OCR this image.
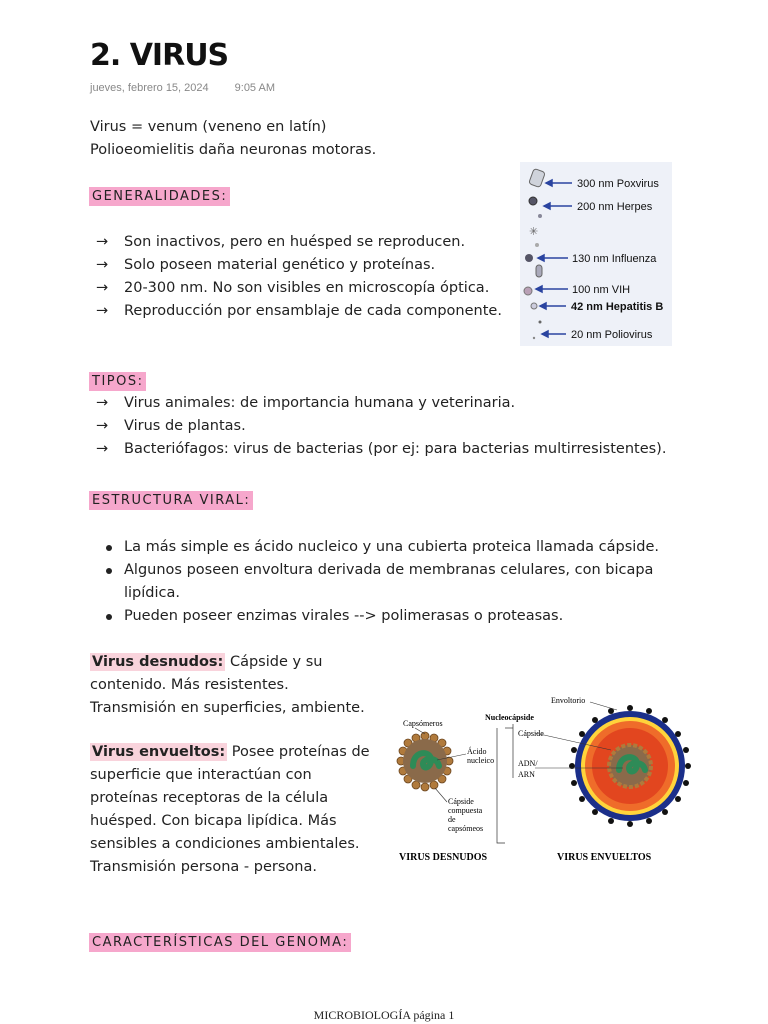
2. VIRUS
jueves, febrero 15, 2024 9:05 AM
Virus = venum (veneno en latín)
Polioeomielitis daña neuronas motoras.
GENERALIDADES:
→ Son inactivos, pero en huésped se reproducen.
→ Solo poseen material genético y proteínas.
→ 20-300 nm. No son visibles en microscopía óptica.
→ Reproducción por ensamblaje de cada componente.
✳
300 nm Poxvirus
200 nm Herpes
130 nm Influenza
100 nm VIH
42 nm Hepatitis B
20 nm Poliovirus
TIPOS:
→ Virus animales: de importancia humana y veterinaria.
→ Virus de plantas.
→ Bacteriófagos: virus de bacterias (por ej: para bacterias multirresistentes).
ESTRUCTURA VIRAL:
La más simple es ácido nucleico y una cubierta proteica llamada cápside.
Algunos poseen envoltura derivada de membranas celulares, con bicapa lipídica.
Pueden poseer enzimas virales --> polimerasas o proteasas.
Virus desnudos: Cápside y su
contenido. Más resistentes.
Transmisión en superficies, ambiente.
Virus envueltos: Posee proteínas de
superficie que interactúan con
proteínas receptoras de la célula
huésped. Con bicapa lipídica. Más
sensibles a condiciones ambientales.
Transmisión persona - persona.
Capsómeros
Ácido
nucleico
Cápside
compuesta
de
capsómeos
Nucleocápside
Cápside
ADN/
ARN
Envoltorio
VIRUS DESNUDOS	VIRUS ENVUELTOS
CARACTERÍSTICAS DEL GENOMA:
MICROBIOLOGÍA página 1
